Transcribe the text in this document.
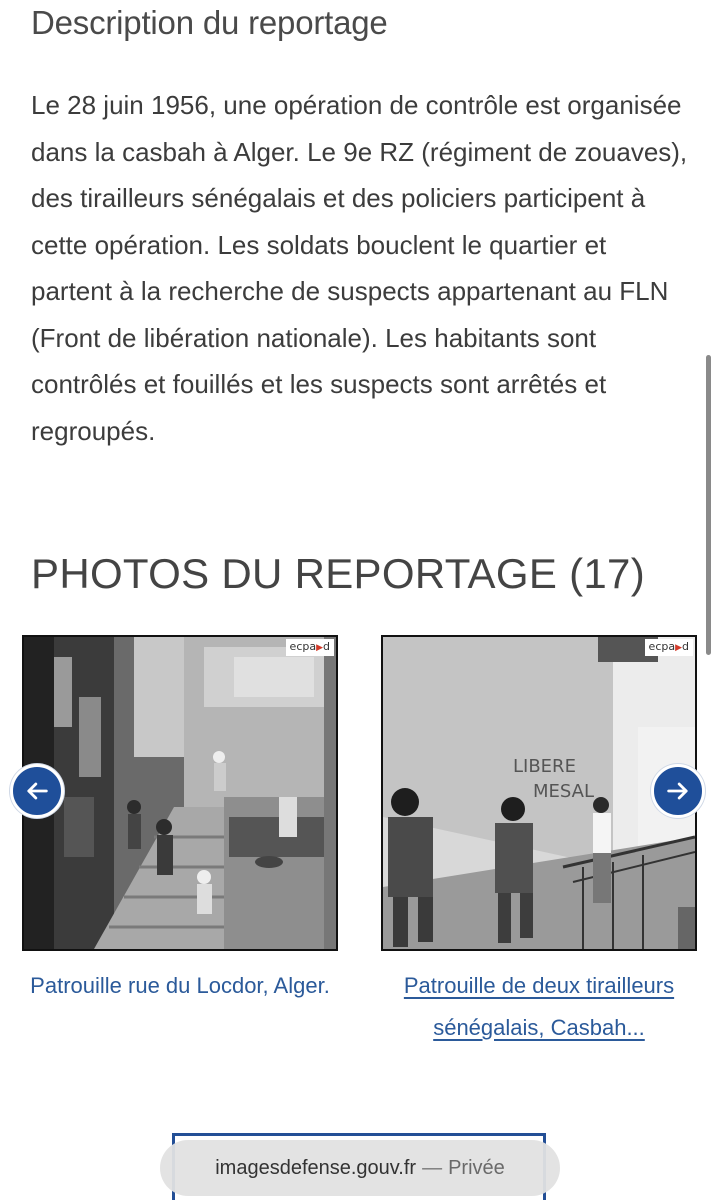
Description du reportage

Le 28 juin 1956, une opération de contrôle est organisée dans la casbah à Alger. Le 9e RZ (régiment de zouaves), des tirailleurs sénégalais et des policiers participent à cette opération. Les soldats bouclent le quartier et partent à la recherche de suspects appartenant au FLN (Front de libération nationale). Les habitants sont contrôlés et fouillés et les suspects sont arrêtés et regroupés.

PHOTOS DU REPORTAGE (17)
ecpa▶d
Patrouille rue du Locdor, Alger.
LIBERE
MESAL
ecpa▶d
Patrouille de deux tirailleurs sénégalais, Casbah...
imagesdefense.gouv.fr — Privée
